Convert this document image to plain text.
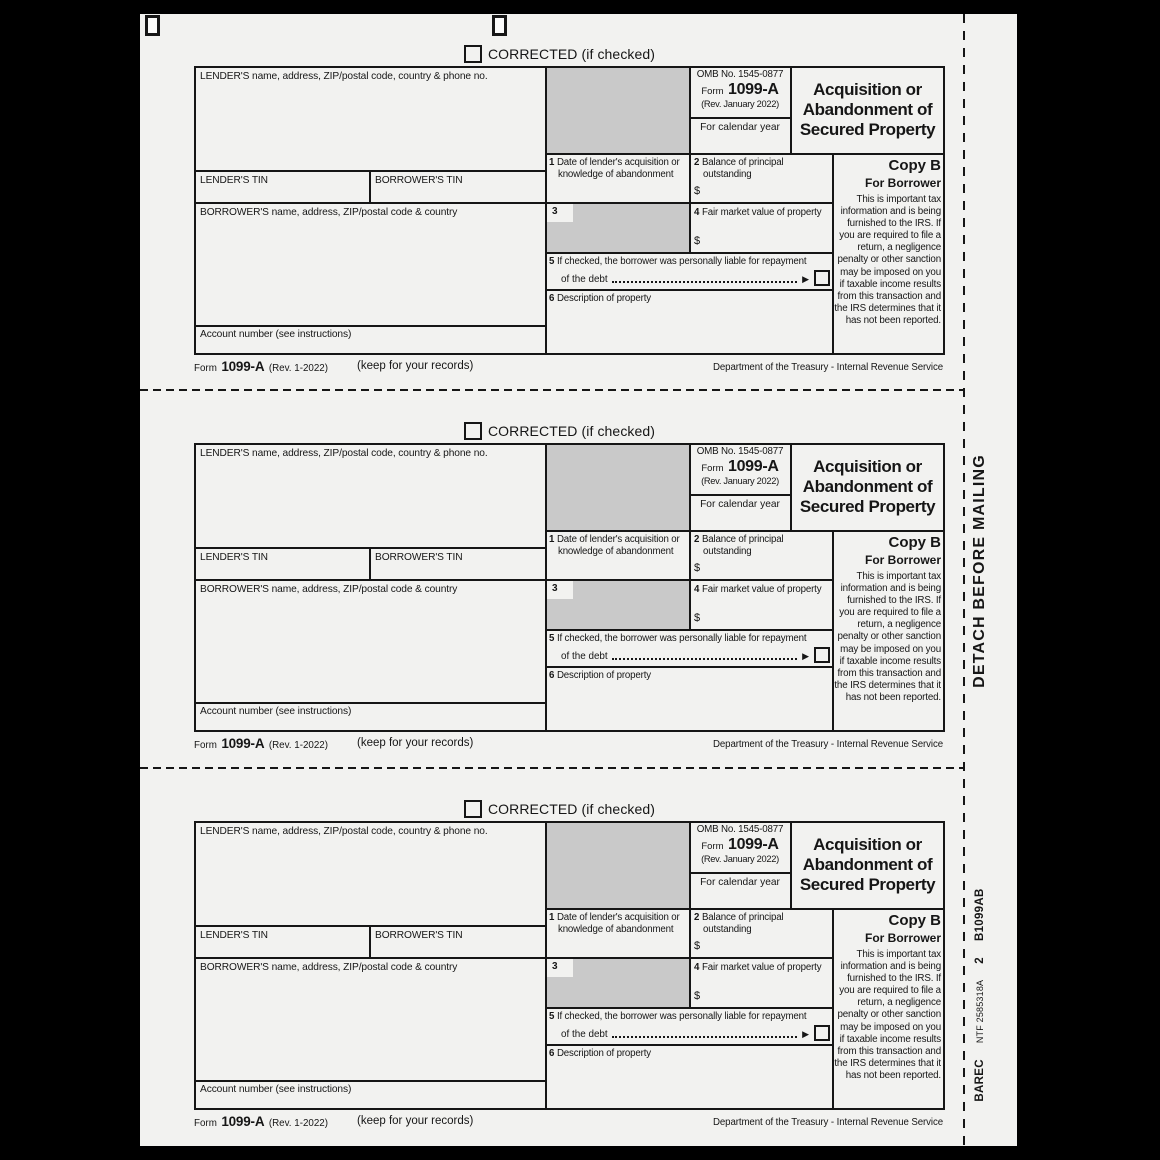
CORRECTED (if checked)
3
LENDER'S name, address, ZIP/postal code, country & phone no.
LENDER'S TIN	BORROWER'S TIN
BORROWER'S name, address, ZIP/postal code & country
Account number (see instructions)
OMB No. 1545-0877
Form 1099-A
(Rev. January 2022)
For calendar year
Acquisition or
Abandonment of
Secured Property
1 Date of lender's acquisition or knowledge of abandonment
2 Balance of principal outstanding
$
4 Fair market value of property
$
5 If checked, the borrower was personally liable for repayment
of the debt	▶
6 Description of property
Copy B
For Borrower
This is important tax information and is being furnished to the IRS. If you are required to file a return, a negligence penalty or other sanction may be imposed on you if taxable income results from this transaction and the IRS determines that it has not been reported.
Form 1099-A (Rev. 1-2022)	(keep for your records)	Department of the Treasury - Internal Revenue Service
CORRECTED (if checked)
3
LENDER'S name, address, ZIP/postal code, country & phone no.
LENDER'S TIN	BORROWER'S TIN
BORROWER'S name, address, ZIP/postal code & country
Account number (see instructions)
OMB No. 1545-0877
Form 1099-A
(Rev. January 2022)
For calendar year
Acquisition or
Abandonment of
Secured Property
1 Date of lender's acquisition or knowledge of abandonment
2 Balance of principal outstanding
$
4 Fair market value of property
$
5 If checked, the borrower was personally liable for repayment
of the debt	▶
6 Description of property
Copy B
For Borrower
This is important tax information and is being furnished to the IRS. If you are required to file a return, a negligence penalty or other sanction may be imposed on you if taxable income results from this transaction and the IRS determines that it has not been reported.
Form 1099-A (Rev. 1-2022)	(keep for your records)	Department of the Treasury - Internal Revenue Service
CORRECTED (if checked)
3
LENDER'S name, address, ZIP/postal code, country & phone no.
LENDER'S TIN	BORROWER'S TIN
BORROWER'S name, address, ZIP/postal code & country
Account number (see instructions)
OMB No. 1545-0877
Form 1099-A
(Rev. January 2022)
For calendar year
Acquisition or
Abandonment of
Secured Property
1 Date of lender's acquisition or knowledge of abandonment
2 Balance of principal outstanding
$
4 Fair market value of property
$
5 If checked, the borrower was personally liable for repayment
of the debt	▶
6 Description of property
Copy B
For Borrower
This is important tax information and is being furnished to the IRS. If you are required to file a return, a negligence penalty or other sanction may be imposed on you if taxable income results from this transaction and the IRS determines that it has not been reported.
Form 1099-A (Rev. 1-2022)	(keep for your records)	Department of the Treasury - Internal Revenue Service
DETACH BEFORE MAILING
BAREC
NTF 2585318A
2
B1099AB
